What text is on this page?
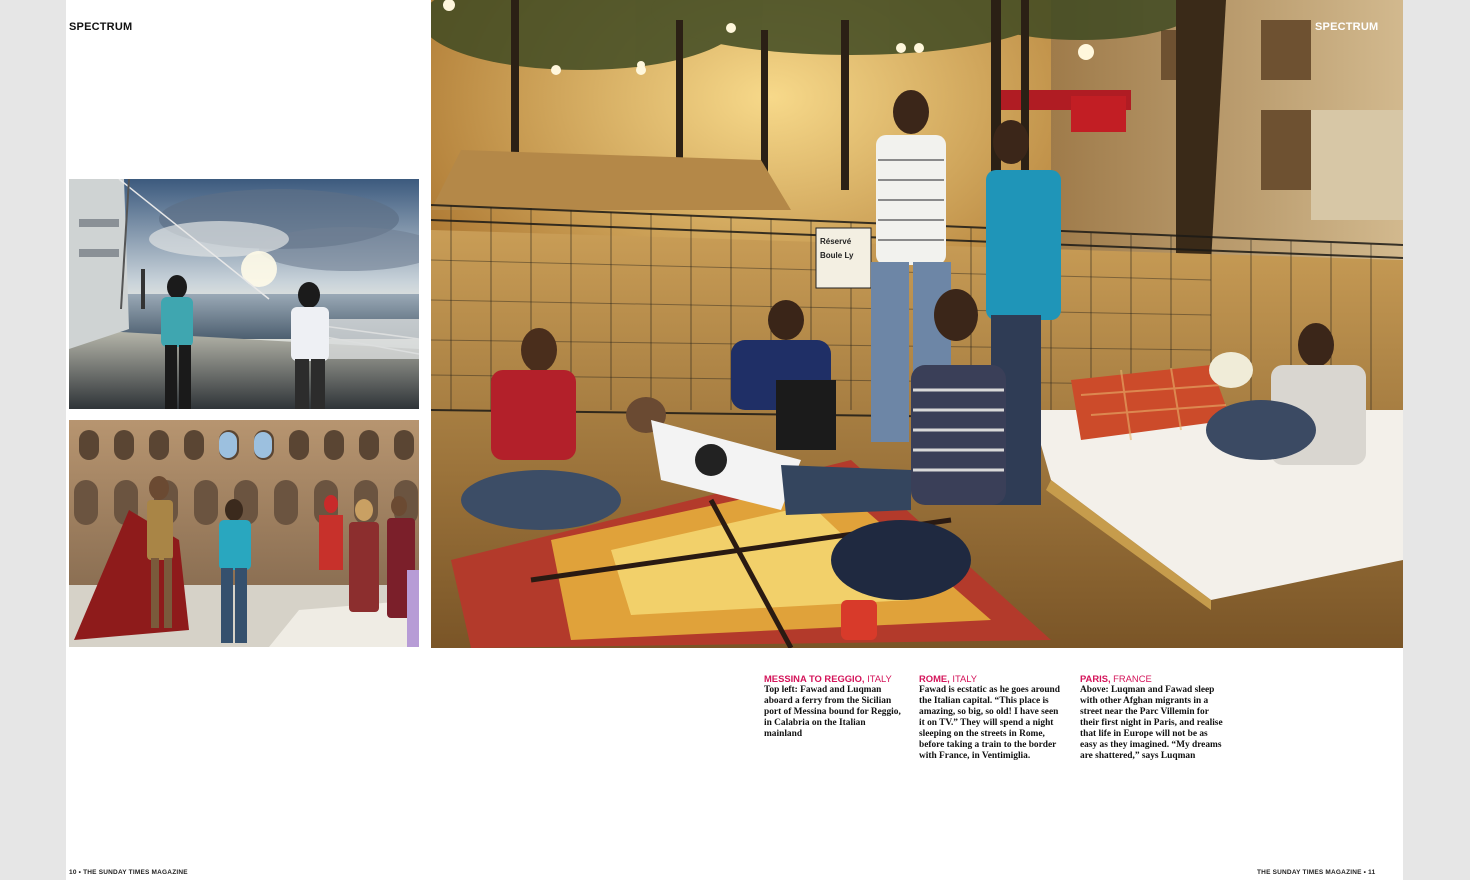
SPECTRUM	SPECTRUM
Réservé
Boule Ly
MESSINA TO REGGIO, ITALY
Top left: Fawad and Luqman aboard a ferry from the Sicilian port of Messina bound for Reggio, in Calabria on the Italian mainland
ROME, ITALY
Fawad is ecstatic as he goes around the Italian capital. “This place is amazing, so big, so old! I have seen it on TV.” They will spend a night sleeping on the streets in Rome, before taking a train to the border with France, in Ventimiglia.
PARIS, FRANCE
Above: Luqman and Fawad sleep with other Afghan migrants in a street near the Parc Villemin for their first night in Paris, and realise that life in Europe will not be as easy as they imagined. “My dreams are shattered,” says Luqman
10 • THE SUNDAY TIMES MAGAZINE	THE SUNDAY TIMES MAGAZINE • 11
